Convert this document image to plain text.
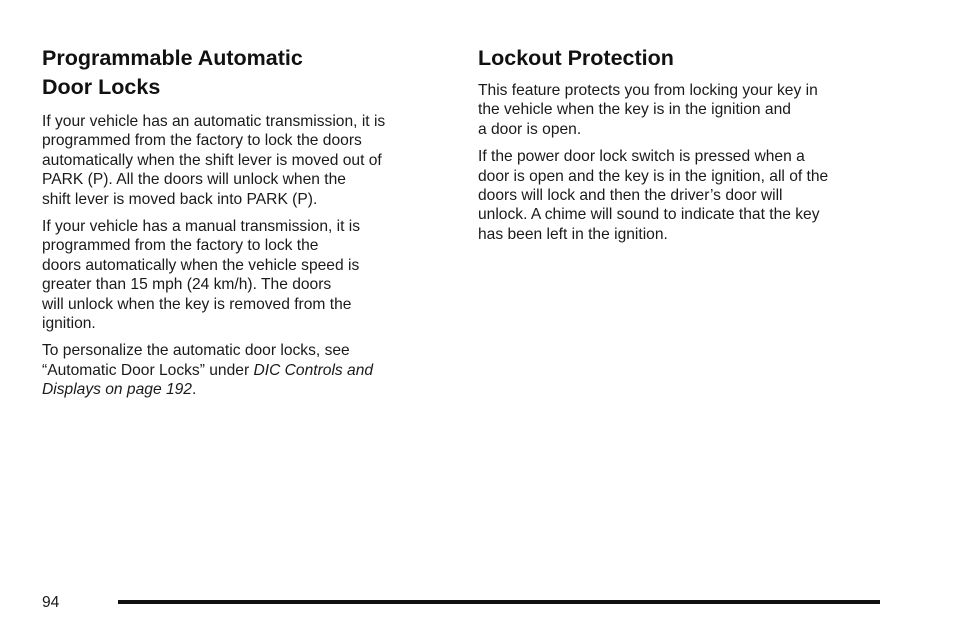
Programmable Automatic
Door Locks

If your vehicle has an automatic transmission, it is
programmed from the factory to lock the doors
automatically when the shift lever is moved out of
PARK (P). All the doors will unlock when the
shift lever is moved back into PARK (P).

If your vehicle has a manual transmission, it is
programmed from the factory to lock the
doors automatically when the vehicle speed is
greater than 15 mph (24 km/h). The doors
will unlock when the key is removed from the
ignition.

To personalize the automatic door locks, see
“Automatic Door Locks” under DIC Controls and
Displays on page 192.

Lockout Protection

This feature protects you from locking your key in
the vehicle when the key is in the ignition and
a door is open.

If the power door lock switch is pressed when a
door is open and the key is in the ignition, all of the
doors will lock and then the driver’s door will
unlock. A chime will sound to indicate that the key
has been left in the ignition.

94
